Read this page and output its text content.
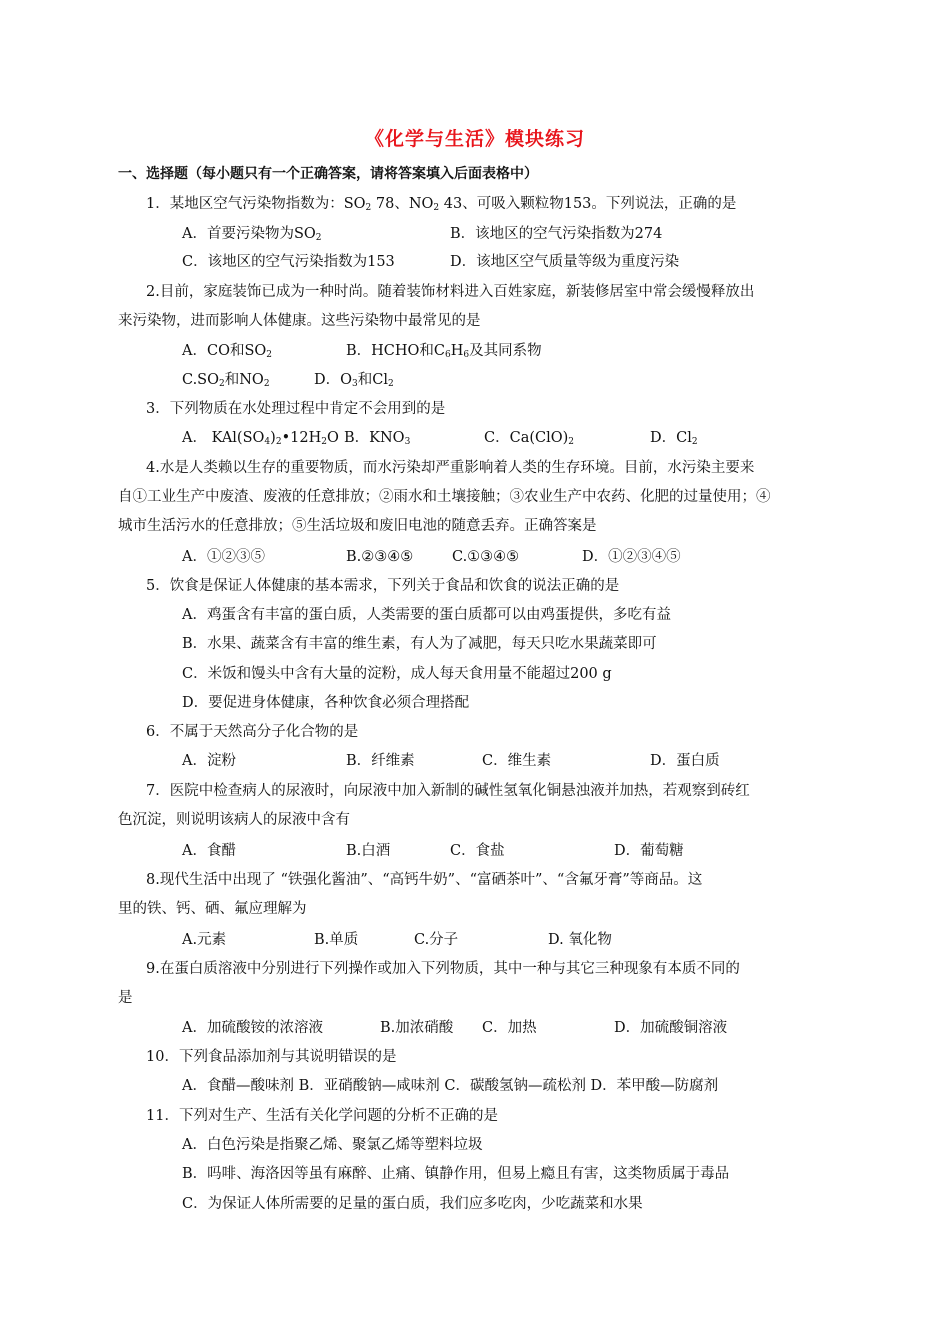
《化学与生活》模块练习
一、选择题（每小题只有一个正确答案，请将答案填入后面表格中）
1．某地区空气污染物指数为：$SO_2$ 78、$NO_2$ 43、可吸入颗粒物153。下列说法，正确的是
A．首要污染物为$SO_2$	B．该地区的空气污染指数为274
C．该地区的空气污染指数为153	D．该地区空气质量等级为重度污染
2.目前，家庭装饰已成为一种时尚。随着装饰材料进入百姓家庭，新装修居室中常会缓慢释放出
来污染物，进而影响人体健康。这些污染物中最常见的是
A．CO和$SO_2$	B．HCHO和$C_6H_6$及其同系物
$C.SO_2$和$NO_2$	D．$O_3$和$Cl_2$
3．下列物质在水处理过程中肯定不会用到的是
A． $KAl(SO_4)_2•12H_2O$ B．$KNO_3$	C．$Ca(ClO)_2$	D．$Cl_2$
4.水是人类赖以生存的重要物质，而水污染却严重影响着人类的生存环境。目前，水污染主要来
自①工业生产中废渣、废液的任意排放；②雨水和土壤接触；③农业生产中农药、化肥的过量使用；④
城市生活污水的任意排放；⑤生活垃圾和废旧电池的随意丢弃。正确答案是
A．①②③⑤	B.②③④⑤	C.①③④⑤	D．①②③④⑤
5．饮食是保证人体健康的基本需求，下列关于食品和饮食的说法正确的是
A．鸡蛋含有丰富的蛋白质，人类需要的蛋白质都可以由鸡蛋提供，多吃有益
B．水果、蔬菜含有丰富的维生素，有人为了减肥，每天只吃水果蔬菜即可
C．米饭和馒头中含有大量的淀粉，成人每天食用量不能超过200 g
D．要促进身体健康，各种饮食必须合理搭配
6．不属于天然高分子化合物的是
A．淀粉	B．纤维素	C．维生素	D．蛋白质
7．医院中检查病人的尿液时，向尿液中加入新制的碱性氢氧化铜悬浊液并加热，若观察到砖红
色沉淀，则说明该病人的尿液中含有
A．食醋	B.白酒	C．食盐	D．葡萄糖
8.现代生活中出现了 “铁强化酱油”、“高钙牛奶”、“富硒茶叶”、“含氟牙膏”等商品。这
里的铁、钙、硒、氟应理解为
A.元素	B.单质	C.分子	D. 氧化物
9.在蛋白质溶液中分别进行下列操作或加入下列物质，其中一种与其它三种现象有本质不同的
是
A．加硫酸铵的浓溶液	B.加浓硝酸 C．加热	D．加硫酸铜溶液
10．下列食品添加剂与其说明错误的是
A．食醋—酸味剂 B．亚硝酸钠—咸味剂 C．碳酸氢钠—疏松剂 D．苯甲酸—防腐剂
11．下列对生产、生活有关化学问题的分析不正确的是
A．白色污染是指聚乙烯、聚氯乙烯等塑料垃圾
B．吗啡、海洛因等虽有麻醉、止痛、镇静作用，但易上瘾且有害，这类物质属于毒品
C．为保证人体所需要的足量的蛋白质，我们应多吃肉，少吃蔬菜和水果
